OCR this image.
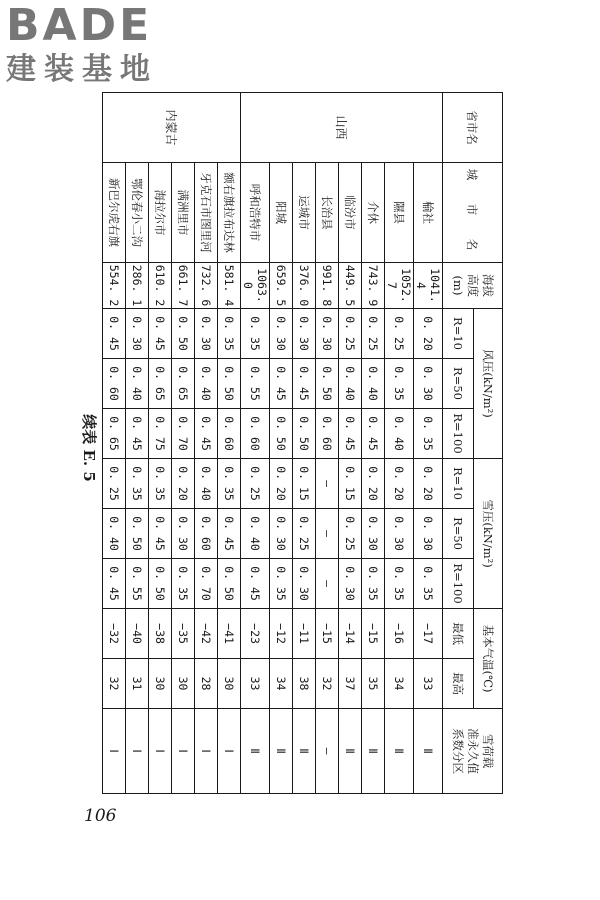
BADE
建装基地
续表 E. 5
省市名	城　市　名	海拔
高度
(m)	风压(kN/m²)			雪压(kN/m²)			基本气温(℃)		雪荷载
准永久值
系数分区
			R=10	R=50	R=100	R=10	R=50	R=100	最低	最高	
山西	榆社	1041. 4	0. 20	0. 30	0. 35	0. 20	0. 30	0. 35	−17	33	Ⅱ
	隰县	1052. 7	0. 25	0. 35	0. 40	0. 20	0. 30	0. 35	−16	34	Ⅱ
	介休	743. 9	0. 25	0. 40	0. 45	0. 20	0. 30	0. 35	−15	35	Ⅱ
	临汾市	449. 5	0. 25	0. 40	0. 45	0. 15	0. 25	0. 30	−14	37	Ⅱ
	长治县	991. 8	0. 30	0. 50	0. 60	—	—	—	−15	32	—
	运城市	376. 0	0. 30	0. 45	0. 50	0. 15	0. 25	0. 30	−11	38	Ⅱ
	阳城	659. 5	0. 30	0. 45	0. 50	0. 20	0. 30	0. 35	−12	34	Ⅱ
	呼和浩特市	1063. 0	0. 35	0. 55	0. 60	0. 25	0. 40	0. 45	−23	33	Ⅱ
内蒙古	额右旗拉布达林	581. 4	0. 35	0. 50	0. 60	0. 35	0. 45	0. 50	−41	30	Ⅰ
	牙克石市图里河	732. 6	0. 30	0. 40	0. 45	0. 40	0. 60	0. 70	−42	28	Ⅰ
	满洲里市	661. 7	0. 50	0. 65	0. 70	0. 20	0. 30	0. 35	−35	30	Ⅰ
	海拉尔市	610. 2	0. 45	0. 65	0. 75	0. 35	0. 45	0. 50	−38	30	Ⅰ
	鄂伦春小二沟	286. 1	0. 30	0. 40	0. 45	0. 35	0. 50	0. 55	−40	31	Ⅰ
	新巴尔虎右旗	554. 2	0. 45	0. 60	0. 65	0. 25	0. 40	0. 45	−32	32	Ⅰ
106
